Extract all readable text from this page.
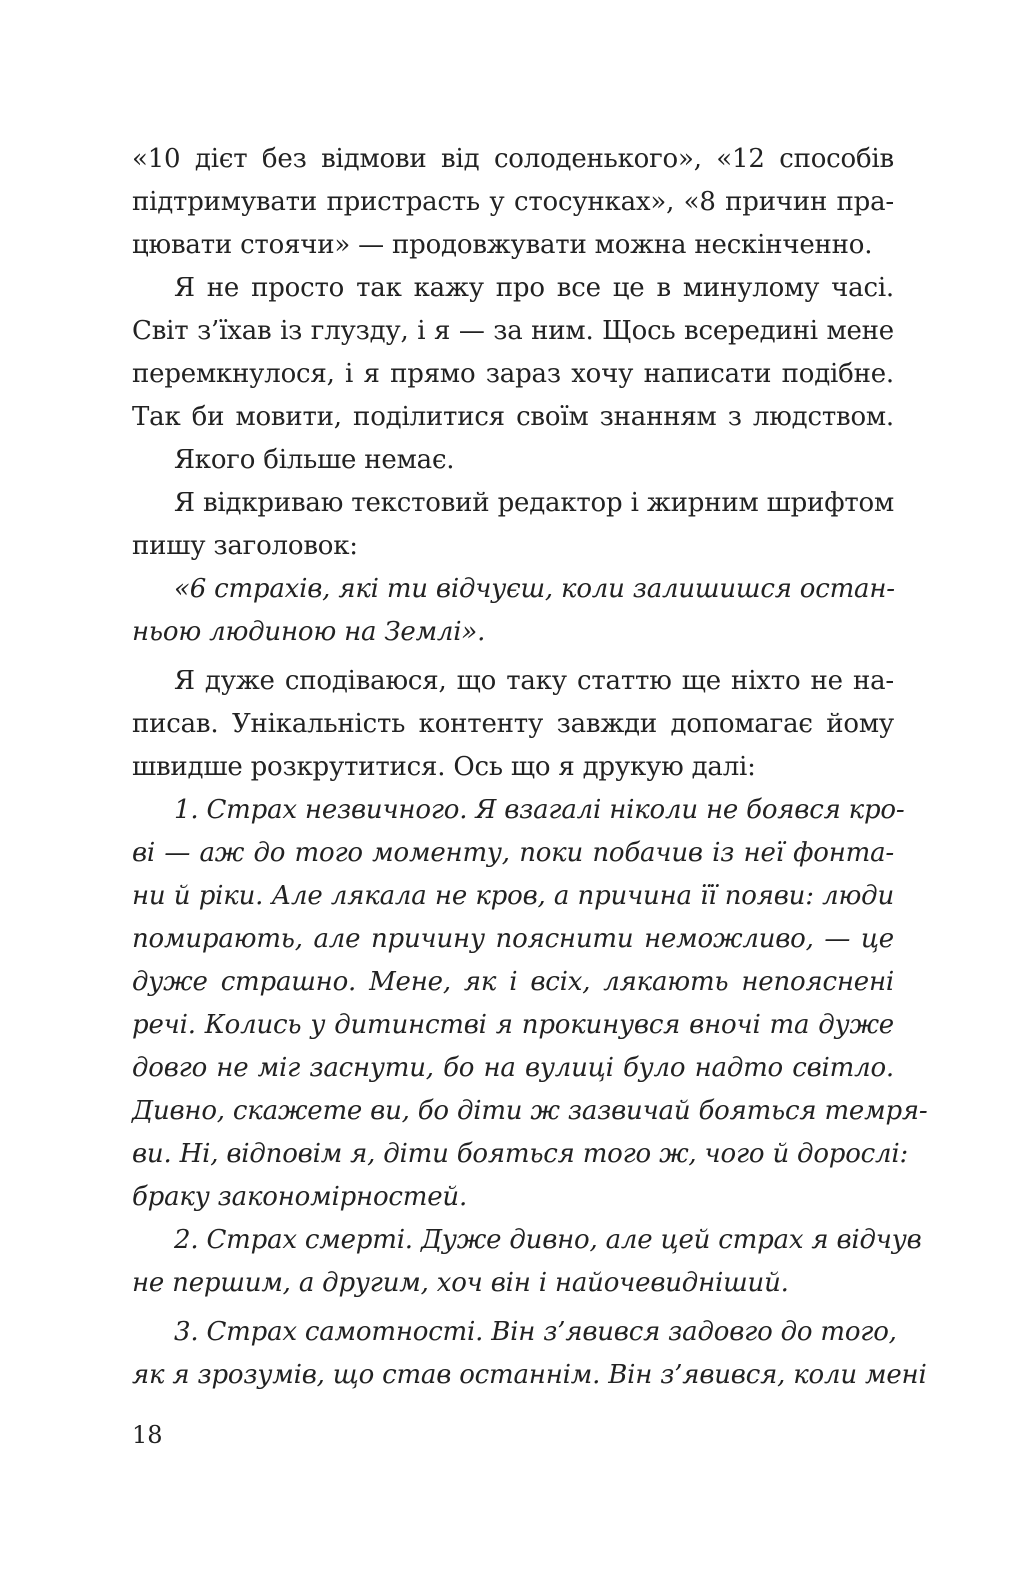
«10 дієт без відмови від солоденького», «12 способів
підтримувати пристрасть у стосунках», «8 причин пра-
цювати стоячи» — продовжувати можна нескінченно.
Я не просто так кажу про все це в минулому часі.
Світ з’їхав із глузду, і я — за ним. Щось всередині мене
перемкнулося, і я прямо зараз хочу написати подібне.
Так би мовити, поділитися своїм знанням з людством.
Якого більше немає.
Я відкриваю текстовий редактор і жирним шрифтом
пишу заголовок:
«6 страхів, які ти відчуєш, коли залишишся остан-
ньою людиною на Землі».
Я дуже сподіваюся, що таку статтю ще ніхто не на-
писав. Унікальність контенту завжди допомагає йому
швидше розкрутитися. Ось що я друкую далі:
1. Страх незвичного. Я взагалі ніколи не боявся кро-
ві — аж до того моменту, поки побачив із неї фонта-
ни й ріки. Але лякала не кров, а причина її появи: люди
помирають, але причину пояснити неможливо, — це
дуже страшно. Мене, як і всіх, лякають непояснені
речі. Колись у дитинстві я прокинувся вночі та дуже
довго не міг заснути, бо на вулиці було надто світло.
Дивно, скажете ви, бо діти ж зазвичай бояться темря-
ви. Ні, відповім я, діти бояться того ж, чого й дорослі:
браку закономірностей.
2. Страх смерті. Дуже дивно, але цей страх я відчув
не першим, а другим, хоч він і найочевидніший.
3. Страх самотності. Він з’явився задовго до того,
як я зрозумів, що став останнім. Він з’явився, коли мені
18
